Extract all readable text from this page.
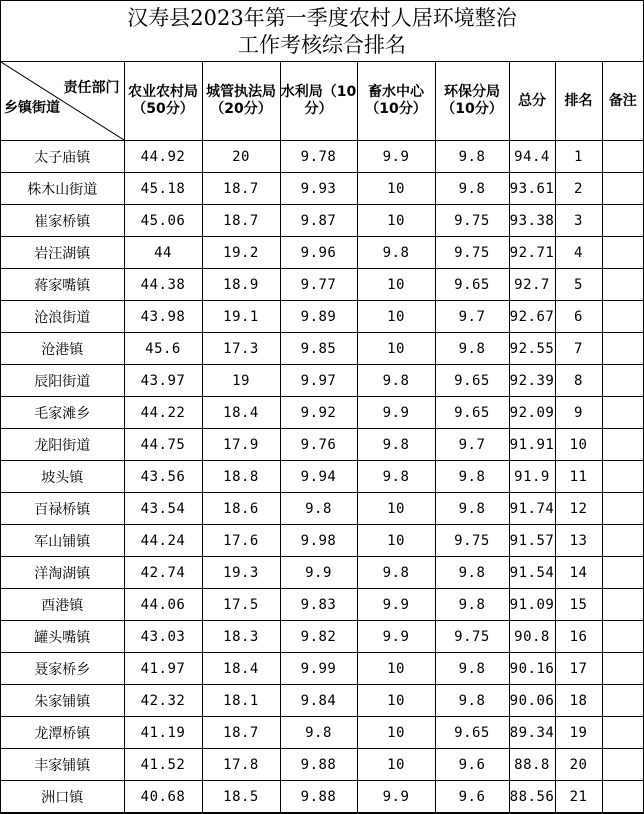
汉寿县2023年第一季度农村人居环境整治
工作考核综合排名
责任部门
乡镇街道	农业农村局（50分）	城管执法局（20分）	水利局（10分）	畜水中心（10分）	环保分局（10分）	总分	排名	备注
太子庙镇	44.92	20	9.78	9.9	9.8	94.4	1	
株木山街道	45.18	18.7	9.93	10	9.8	93.61	2	
崔家桥镇	45.06	18.7	9.87	10	9.75	93.38	3	
岩汪湖镇	44	19.2	9.96	9.8	9.75	92.71	4	
蒋家嘴镇	44.38	18.9	9.77	10	9.65	92.7	5	
沧浪街道	43.98	19.1	9.89	10	9.7	92.67	6	
沧港镇	45.6	17.3	9.85	10	9.8	92.55	7	
辰阳街道	43.97	19	9.97	9.8	9.65	92.39	8	
毛家滩乡	44.22	18.4	9.92	9.9	9.65	92.09	9	
龙阳街道	44.75	17.9	9.76	9.8	9.7	91.91	10	
坡头镇	43.56	18.8	9.94	9.8	9.8	91.9	11	
百禄桥镇	43.54	18.6	9.8	10	9.8	91.74	12	
军山铺镇	44.24	17.6	9.98	10	9.75	91.57	13	
洋淘湖镇	42.74	19.3	9.9	9.8	9.8	91.54	14	
酉港镇	44.06	17.5	9.83	9.9	9.8	91.09	15	
罐头嘴镇	43.03	18.3	9.82	9.9	9.75	90.8	16	
聂家桥乡	41.97	18.4	9.99	10	9.8	90.16	17	
朱家铺镇	42.32	18.1	9.84	10	9.8	90.06	18	
龙潭桥镇	41.19	18.7	9.8	10	9.65	89.34	19	
丰家铺镇	41.52	17.8	9.88	10	9.6	88.8	20	
洲口镇	40.68	18.5	9.88	9.9	9.6	88.56	21	
